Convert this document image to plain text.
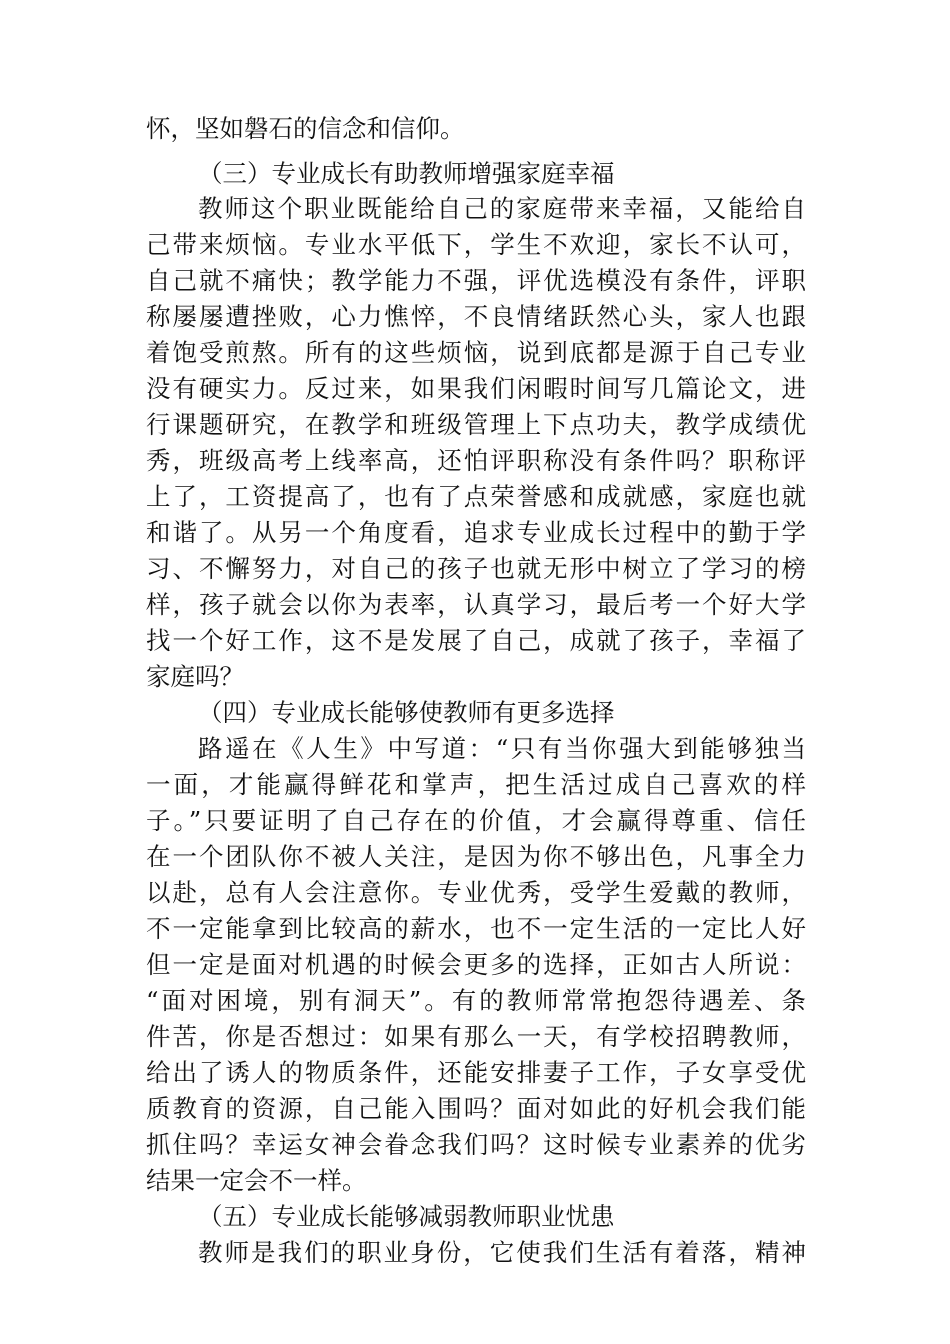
怀，坚如磐石的信念和信仰。
（三）专业成长有助教师增强家庭幸福
教师这个职业既能给自己的家庭带来幸福，又能给自
己带来烦恼。专业水平低下，学生不欢迎，家长不认可，
自己就不痛快；教学能力不强，评优选模没有条件，评职
称屡屡遭挫败，心力憔悴，不良情绪跃然心头，家人也跟
着饱受煎熬。所有的这些烦恼，说到底都是源于自己专业
没有硬实力。反过来，如果我们闲暇时间写几篇论文，进
行课题研究，在教学和班级管理上下点功夫，教学成绩优
秀，班级高考上线率高，还怕评职称没有条件吗？职称评
上了，工资提高了，也有了点荣誉感和成就感，家庭也就
和谐了。从另一个角度看，追求专业成长过程中的勤于学
习、不懈努力，对自己的孩子也就无形中树立了学习的榜
样，孩子就会以你为表率，认真学习，最后考一个好大学
找一个好工作，这不是发展了自己，成就了孩子，幸福了
家庭吗？
（四）专业成长能够使教师有更多选择
路遥在《人生》中写道：“只有当你强大到能够独当
一面，才能赢得鲜花和掌声，把生活过成自己喜欢的样
子。”只要证明了自己存在的价值，才会赢得尊重、信任
在一个团队你不被人关注，是因为你不够出色，凡事全力
以赴，总有人会注意你。专业优秀，受学生爱戴的教师，
不一定能拿到比较高的薪水，也不一定生活的一定比人好
但一定是面对机遇的时候会更多的选择，正如古人所说：
“面对困境，别有洞天”。有的教师常常抱怨待遇差、条
件苦，你是否想过：如果有那么一天，有学校招聘教师，
给出了诱人的物质条件，还能安排妻子工作，子女享受优
质教育的资源，自己能入围吗？面对如此的好机会我们能
抓住吗？幸运女神会眷念我们吗？这时候专业素养的优劣
结果一定会不一样。
（五）专业成长能够减弱教师职业忧患
教师是我们的职业身份，它使我们生活有着落，精神
